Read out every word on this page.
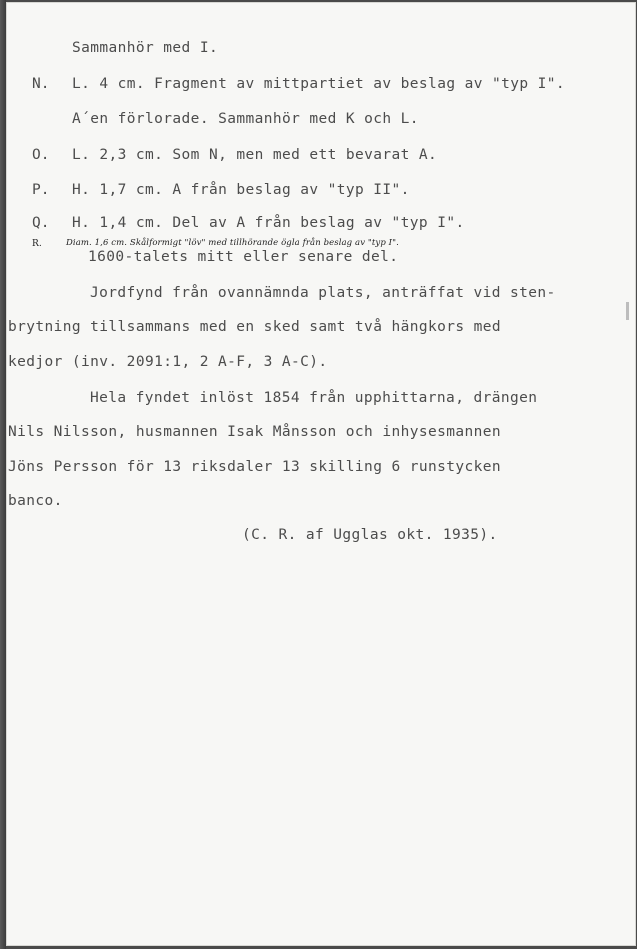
Sammanhör med I.
N. L. 4 cm. Fragment av mittpartiet av beslag av "typ I".
A´en förlorade. Sammanhör med K och L.
O. L. 2,3 cm. Som N, men med ett bevarat A.
P. H. 1,7 cm. A från beslag av "typ II".
Q. H. 1,4 cm. Del av A från beslag av "typ I".
R.	Diam. 1,6 cm. Skålformigt "löv" med tillhörande ögla från beslag av "typ I".
1600-talets mitt eller senare del.
Jordfynd från ovannämnda plats, anträffat vid sten-
brytning tillsammans med en sked samt två hängkors med
kedjor (inv. 2091:1, 2 A-F, 3 A-C).
Hela fyndet inlöst 1854 från upphittarna, drängen
Nils Nilsson, husmannen Isak Månsson och inhysesmannen
Jöns Persson för 13 riksdaler 13 skilling 6 runstycken
banco.
(C. R. af Ugglas okt. 1935).
